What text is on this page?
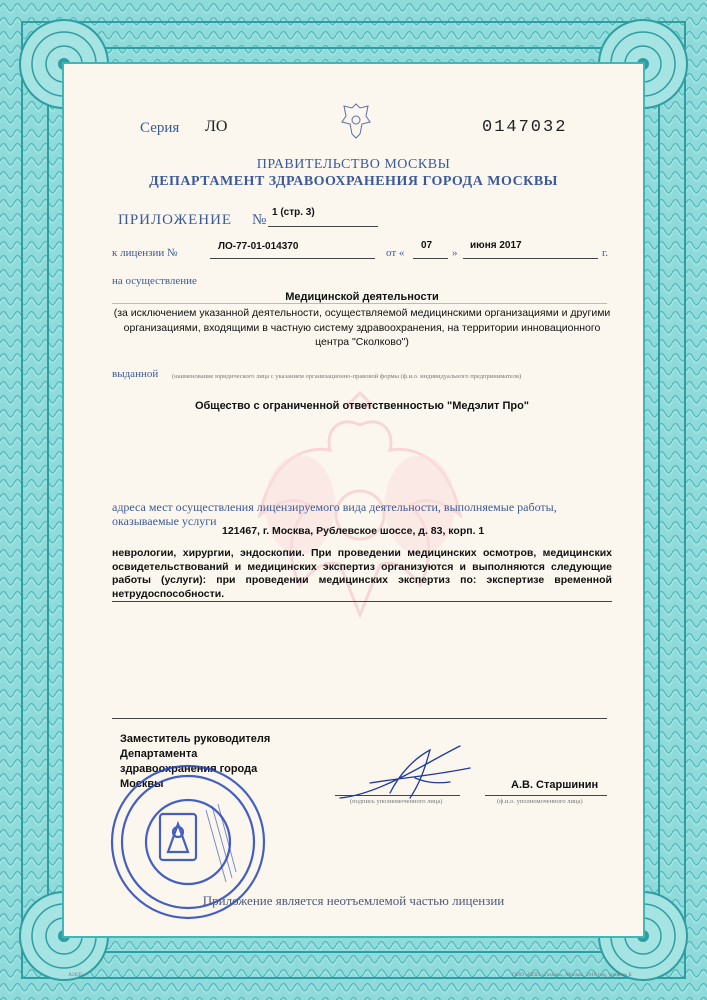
Серия ЛО	0147032
ПРАВИТЕЛЬСТВО МОСКВЫ
ДЕПАРТАМЕНТ ЗДРАВООХРАНЕНИЯ ГОРОДА МОСКВЫ
ПРИЛОЖЕНИЕ № 1 (стр. 3)
к лицензии №
ЛО-77-01-014370
от «
07
»
июня 2017
г.
на осуществление
Медицинской деятельности
(за исключением указанной деятельности, осуществляемой медицинскими организациями и другими организациями, входящими в частную систему здравоохранения, на территории инновационного центра "Сколково")
выданной (наименование юридического лица с указанием организационно-правовой формы (ф.и.о. индивидуального предпринимателя)
Общество с ограниченной ответственностью "Медэлит Про"
адреса мест осуществления лицензируемого вида деятельности, выполняемые работы,
оказываемые услуги
121467, г. Москва, Рублевское шоссе, д. 83, корп. 1
неврологии, хирургии, эндоскопии. При проведении медицинских осмотров, медицинских освидетельствований и медицинских экспертиз организуются и выполняются следующие работы (услуги): при проведении медицинских экспертиз по: экспертизе временной нетрудоспособности.
Заместитель руководителя
Департамента
здравоохранения города
Москвы
(подпись уполномоченного лица)
А.В. Старшинин
(ф.и.о. уполномоченного лица)
Приложение является неотъемлемой частью лицензии
A2635	ООО «НПП «Гознак», Москва, 2016 год, уровень Б
